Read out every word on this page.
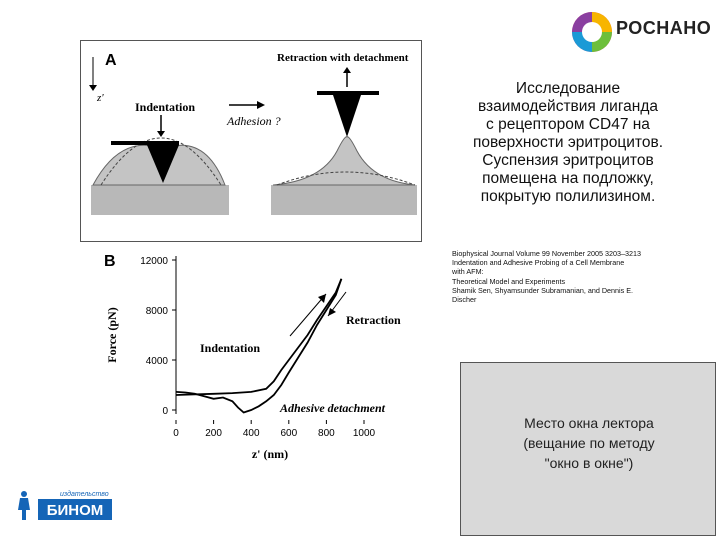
РОСНАНО
A
z'
Indentation
Adhesion ?
Retraction with detachment
Исследование
взаимодействия лиганда
с рецептором CD47 на
поверхности эритроцитов.
Суспензия эритроцитов
помещена на подложку,
покрытую полилизином.
Biophysical Journal Volume 99 November 2005 3203–3213
Indentation and Adhesive Probing of a Cell Membrane
with AFM:
Theoretical Model and Experiments
Shamik Sen, Shyamsunder Subramanian, and Dennis E.
Discher
B
0
4000
8000
12000
0	200 400 600 800 1000
z' (nm)
Force (pN)	Indentation
Retraction
Adhesive detachment
Место окна лектора
(вещание по методу
"окно в окне")
издательство
БИНОМ
